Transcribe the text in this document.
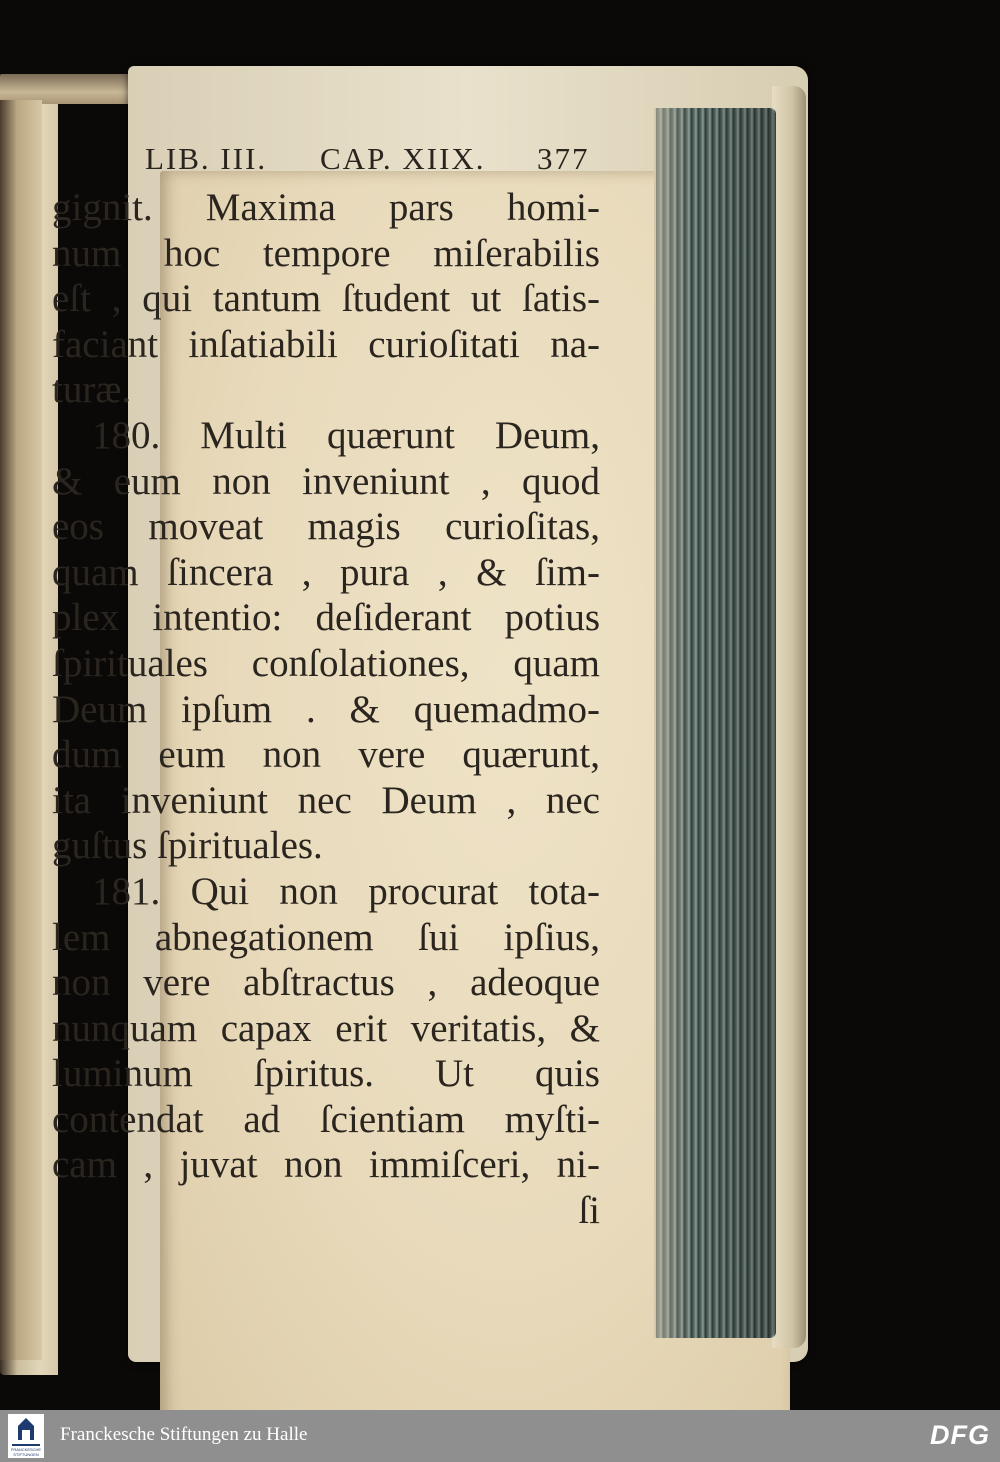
LIB. III.

CAP. XIIX.

377

gignit. Maxima pars homi-
num hoc tempore miſerabilis
eſt , qui tantum ſtudent ut ſatis-
faciant inſatiabili curioſitati na-
turæ.
180. Multi quærunt Deum,
& eum non inveniunt , quod
eos moveat magis curioſitas,
quam ſincera , pura , & ſim-
plex intentio: deſiderant potius
ſpirituales conſolationes, quam
Deum ipſum . & quemadmo-
dum eum non vere quærunt,
ita inveniunt nec Deum , nec
guſtus ſpirituales.
181. Qui non procurat tota-
lem abnegationem ſui ipſius,
non vere abſtractus , adeoque
nunquam capax erit veritatis, &
luminum ſpiritus. Ut quis
contendat ad ſcientiam myſti-
cam , juvat non immiſceri, ni-
ſi
FRANCKESCHE
STIFTUNGEN
Franckesche Stiftungen zu Halle	DFG
